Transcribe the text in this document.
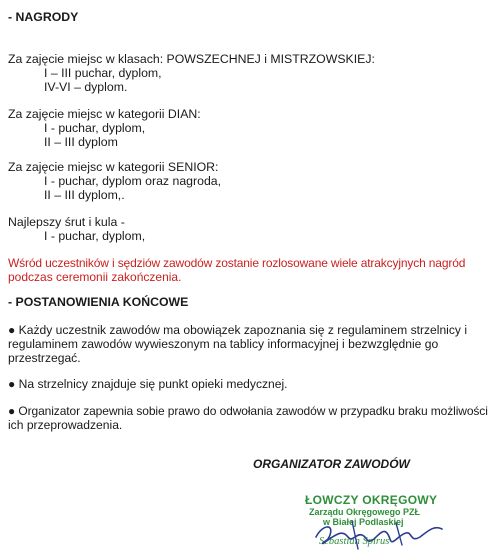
- NAGRODY
Za zajęcie miejsc w klasach: POWSZECHNEJ i MISTRZOWSKIEJ:
I – III puchar, dyplom,
IV-VI – dyplom.
Za zajęcie miejsc w kategorii DIAN:
I - puchar, dyplom,
II – III dyplom
Za zajęcie miejsc w kategorii SENIOR:
I - puchar, dyplom oraz nagroda,
II – III dyplom,.
Najlepszy śrut i kula -
I - puchar, dyplom,
Wśród uczestników i sędziów zawodów zostanie rozlosowane wiele atrakcyjnych nagród
podczas ceremonii zakończenia.
- POSTANOWIENIA KOŃCOWE
● Każdy uczestnik zawodów ma obowiązek zapoznania się z regulaminem strzelnicy i
regulaminem zawodów wywieszonym na tablicy informacyjnej i bezwzględnie go
przestrzegać.
● Na strzelnicy znajduje się punkt opieki medycznej.
● Organizator zapewnia sobie prawo do odwołania zawodów w przypadku braku możliwości
ich przeprowadzenia.
ORGANIZATOR ZAWODÓW
ŁOWCZY OKRĘGOWY
Zarządu Okręgowego PZŁ
w Białej Podlaskiej
Sebastian Spirus
